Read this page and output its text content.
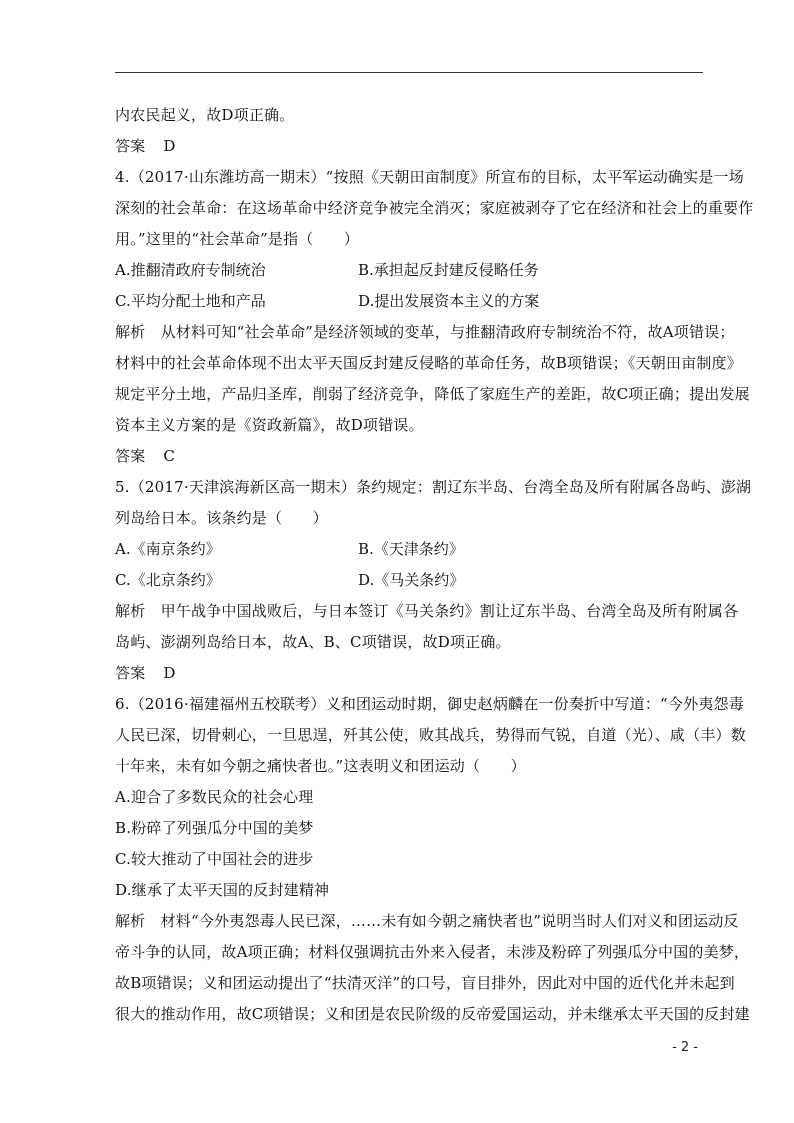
内农民起义，故D项正确。
答案 D
4.（2017·山东潍坊高一期末）“按照《天朝田亩制度》所宣布的目标，太平军运动确实是一场
深刻的社会革命：在这场革命中经济竞争被完全消灭；家庭被剥夺了它在经济和社会上的重要作
用。”这里的“社会革命”是指（　　）
A.推翻清政府专制统治	B.承担起反封建反侵略任务
C.平均分配土地和产品	D.提出发展资本主义的方案
解析　从材料可知“社会革命”是经济领域的变革，与推翻清政府专制统治不符，故A项错误；
材料中的社会革命体现不出太平天国反封建反侵略的革命任务，故B项错误；《天朝田亩制度》
规定平分土地，产品归圣库，削弱了经济竞争，降低了家庭生产的差距，故C项正确；提出发展
资本主义方案的是《资政新篇》，故D项错误。
答案 C
5.（2017·天津滨海新区高一期末）条约规定：割辽东半岛、台湾全岛及所有附属各岛屿、澎湖
列岛给日本。该条约是（　　）
A.《南京条约》	B.《天津条约》
C.《北京条约》	D.《马关条约》
解析　甲午战争中国战败后，与日本签订《马关条约》割让辽东半岛、台湾全岛及所有附属各
岛屿、澎湖列岛给日本，故A、B、C项错误，故D项正确。
答案 D
6.（2016·福建福州五校联考）义和团运动时期，御史赵炳麟在一份奏折中写道：“今外夷怨毒
人民已深，切骨刺心，一旦思逞，歼其公使，败其战兵，势得而气锐，自道（光）、咸（丰）数
十年来，未有如今朝之痛快者也。”这表明义和团运动（　　）
A.迎合了多数民众的社会心理
B.粉碎了列强瓜分中国的美梦
C.较大推动了中国社会的进步
D.继承了太平天国的反封建精神
解析　材料“今外夷怨毒人民已深，……未有如今朝之痛快者也”说明当时人们对义和团运动反
帝斗争的认同，故A项正确；材料仅强调抗击外来入侵者，未涉及粉碎了列强瓜分中国的美梦，
故B项错误；义和团运动提出了“扶清灭洋”的口号，盲目排外，因此对中国的近代化并未起到
很大的推动作用，故C项错误；义和团是农民阶级的反帝爱国运动，并未继承太平天国的反封建
- 2 -
